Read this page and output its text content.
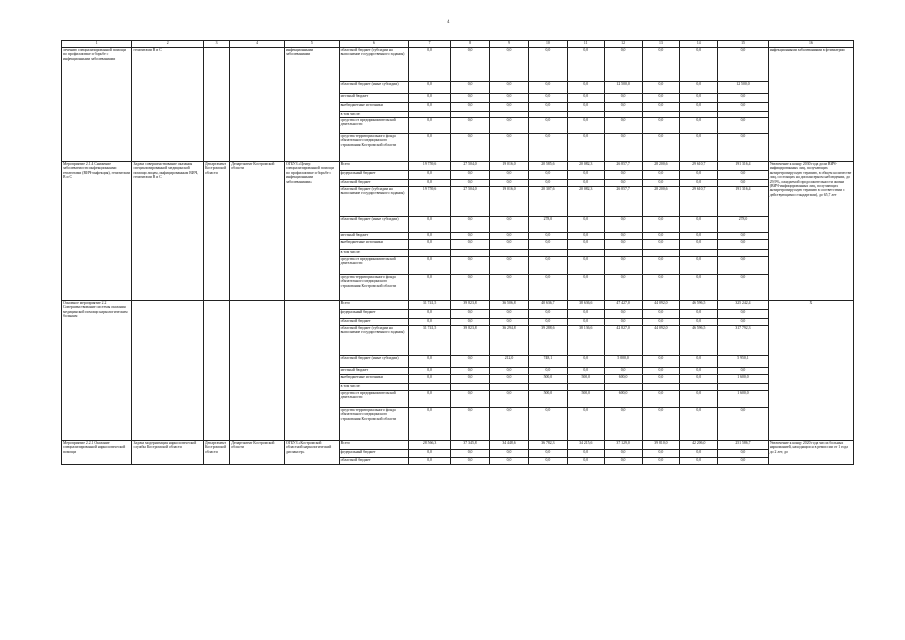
4
1	2	3	4	5	6	7	8	9	10	11	12	13	14	15	16
лечению специализированной помощи по профилактике и борьбе с инфекционными заболеваниями	гепатитами В и С			инфекционными заболеваниями	областной бюджет (субсидии на выполнение государственного задания)	0,0	0,0	0,0	0,0	0,0	0,0	0,0	0,0	0,0	инфекционными заболеваниями в фтизиатрии
					областной бюджет (иные субсидии)	0,0	0,0	0,0	0,0	0,0	12 500,0	0,0	0,0	12 500,0	
					местный бюджет	0,0	0,0	0,0	0,0	0,0	0,0	0,0	0,0	0,0	
					внебюджетные источники	0,0	0,0	0,0	0,0	0,0	0,0	0,0	0,0	0,0	
					в том числе:										
					средства от предпринимательской деятельности	0,0	0,0	0,0	0,0	0,0	0,0	0,0	0,0	0,0	
					средства территориального фонда обязательного медицинского страхования Костромской области	0,0	0,0	0,0	0,0	0,0	0,0	0,0	0,0	0,0	
Мероприятие 2.1.4 Снижение заболеваемости инфекционными гепатитами (ВИЧ-инфекция), гепатитами В и С	Задача совершенствование оказания специализированной медицинской помощи лицам, инфицированным ВИЧ, гепатитами В и С	Департамент Костромской области	Департамент Костромской области	ОГБУЗ «Центр специализированной помощи по профилактике и борьбе с инфекционными заболеваниями»	Всего	19 759,6	27 504,0	19 016,0	20 585,6	20 082,3	26 857,7	28 200,6	29 610,7	191 316,4	Увеличение к концу 2030 года доли ВИЧ-инфицированных лиц, получающих антиретровирусную терапию, в общем количестве лиц, состоящих на диспансерном наблюдении, до 29,9%, ожидаемой продолжительности жизни (ВИЧ-инфицированных лиц, получающих антиретровирусную терапию в соответствии с действующими стандартами), до 65,7 лет
					федеральный бюджет	0,0	0,0	0,0	0,0	0,0	0,0	0,0	0,0	0,0	
					областной бюджет	0,0	0,0	0,0	0,0	0,0	0,0	0,0	0,0	0,0	
					областной бюджет (субсидии на выполнение государственного задания)	19 759,6	27 504,0	19 016,0	20 307,6	20 082,3	26 857,7	28 200,6	29 610,7	191 316,4	
					областной бюджет (иные субсидии)	0,0	0,0	0,0	278,0	0,0	0,0	0,0	0,0	278,0	
					местный бюджет	0,0	0,0	0,0	0,0	0,0	0,0	0,0	0,0	0,0	
					внебюджетные источники	0,0	0,0	0,0	0,0	0,0	0,0	0,0	0,0	0,0	
					в том числе:										
					средства от предпринимательской деятельности	0,0	0,0	0,0	0,0	0,0	0,0	0,0	0,0	0,0	
					средства территориального фонда обязательного медицинского страхования Костромской области	0,0	0,0	0,0	0,0	0,0	0,0	0,0	0,0	0,0	
Основное мероприятие 2.2 Совершенствование системы оказания медицинской помощи наркологическим больным					Всего	31 741,5	39 823,8	36 506,8	40 636,7	38 636,6	47 427,0	44 092,0	46 596,5	325 242,4	Х
					федеральный бюджет	0,0	0,0	0,0	0,0	0,0	0,0	0,0	0,0	0,0	
					областной бюджет	0,0	0,0	0,0	0,0	0,0	0,0	0,0	0,0	0,0	
					областной бюджет (субсидии на выполнение государственного задания)	31 741,5	39 823,8	36 294,8	39 288,6	38 136,6	42 827,0	44 092,0	46 596,5	317 792,3	
					областной бюджет (иные субсидии)	0,0	0,0	212,0	748,1	0,0	5 000,0	0,0	0,0	5 950,1	
					местный бюджет	0,0	0,0	0,0	0,0	0,0	0,0	0,0	0,0	0,0	
					внебюджетные источники	0,0	0,0	0,0	500,0	500,0	600,0	0,0	0,0	1 600,0	
					в том числе:										
					средства от предпринимательской деятельности	0,0	0,0	0,0	500,0	500,0	600,0	0,0	0,0	1 600,0	
					средства территориального фонда обязательного медицинского страхования Костромской области	0,0	0,0	0,0	0,0	0,0	0,0	0,0	0,0	0,0	
Мероприятие 2.2.1 Оказание специализированной наркологической помощи	Задача модернизация наркологической службы Костромской области	Департамент Костромской области	Департамент Костромской области	ОГБУЗ «Костромской областной наркологический диспансер»	Всего	28 566,3	37 345,8	34 448,6	36 782,3	34 215,6	37 129,0	39 810,0	42 206,0	251 586,7	Увеличение к концу 2020 года числа больных наркоманией, находящихся в ремиссии от 1 года до 2 лет, до
					федеральный бюджет	0,0	0,0	0,0	0,0	0,0	0,0	0,0	0,0	0,0	
					областной бюджет	0,0	0,0	0,0	0,0	0,0	0,0	0,0	0,0	0,0	
